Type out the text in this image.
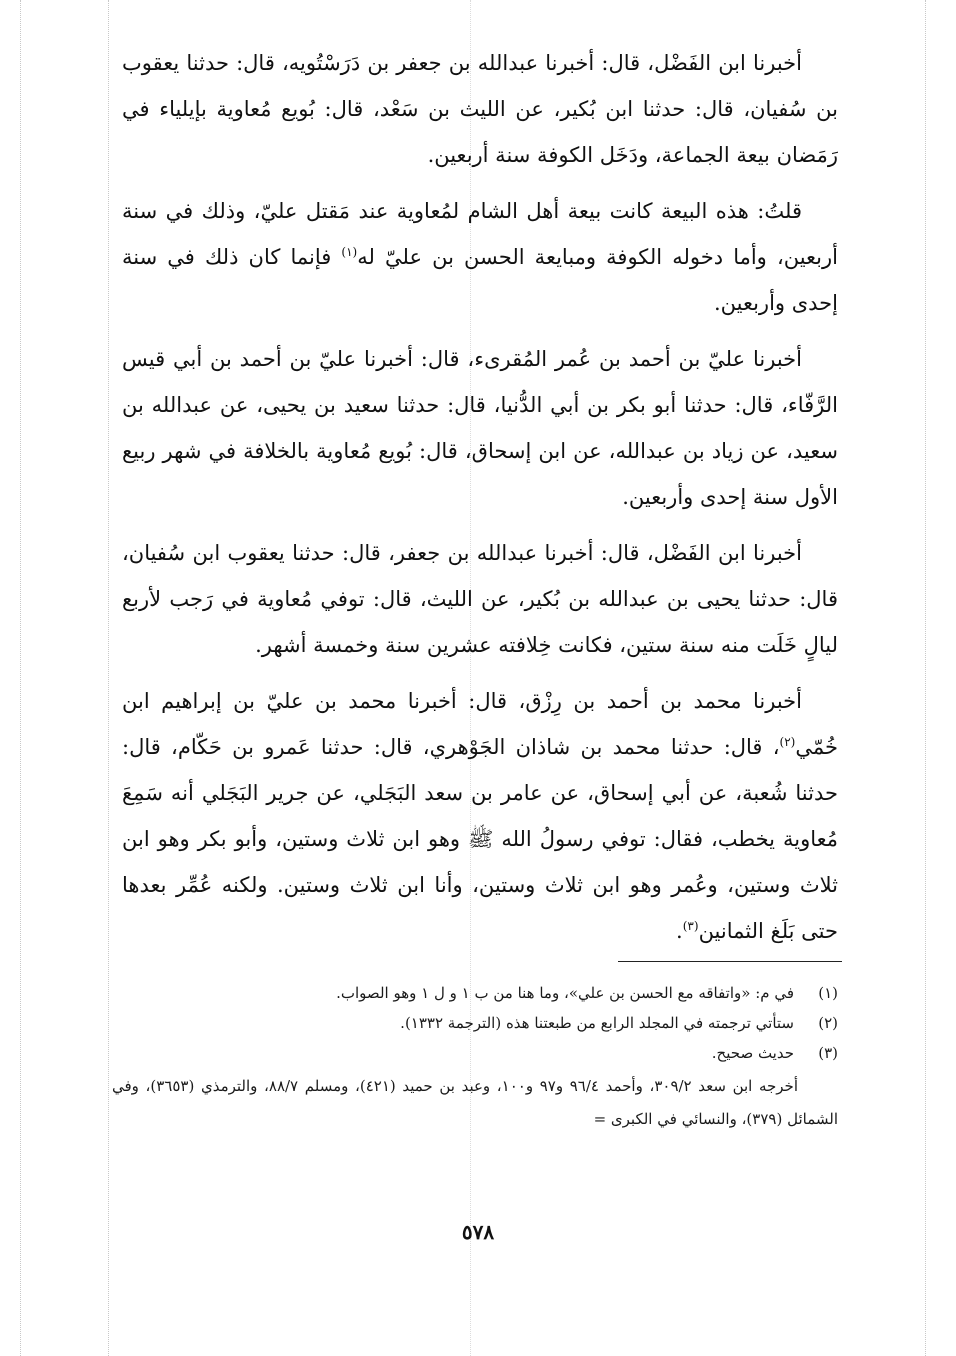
أخبرنا ابن الفَضْل، قال: أخبرنا عبدالله بن جعفر بن دَرَسْتُويه، قال: حدثنا يعقوب بن سُفيان، قال: حدثنا ابن بُكير، عن الليث بن سَعْد، قال: بُويع مُعاوية بإيلياء في رَمَضان بيعة الجماعة، ودَخَل الكوفة سنة أربعين.

قلتُ: هذه البيعة كانت بيعة أهل الشام لمُعاوية عند مَقتل عليّ، وذلك في سنة أربعين، وأما دخوله الكوفة ومبايعة الحسن بن عليّ له$^{(١)}$ فإنما كان ذلك في سنة إحدى وأربعين.

أخبرنا عليّ بن أحمد بن عُمر المُقرىء، قال: أخبرنا عليّ بن أحمد بن أبي قيس الرَّفّاء، قال: حدثنا أبو بكر بن أبي الدُّنيا، قال: حدثنا سعيد بن يحيى، عن عبدالله بن سعيد، عن زياد بن عبدالله، عن ابن إسحاق، قال: بُويع مُعاوية بالخلافة في شهر ربيع الأول سنة إحدى وأربعين.

أخبرنا ابن الفَضْل، قال: أخبرنا عبدالله بن جعفر، قال: حدثنا يعقوب ابن سُفيان، قال: حدثنا يحيى بن عبدالله بن بُكير، عن الليث، قال: توفي مُعاوية في رَجب لأربع ليالٍ خَلَت منه سنة ستين، فكانت خِلافته عشرين سنة وخمسة أشهر.

أخبرنا محمد بن أحمد بن رِزْق، قال: أخبرنا محمد بن عليّ بن إبراهيم ابن خُمّي$^{(٢)}$، قال: حدثنا محمد بن شاذان الجَوْهري، قال: حدثنا عَمرو بن حَكّام، قال: حدثنا شُعبة، عن أبي إسحاق، عن عامر بن سعد البَجَلي، عن جرير البَجَلي أنه سَمِعَ مُعاوية يخطب، فقال: توفي رسولُ الله ﷺ وهو ابن ثلاث وستين، وأبو بكر وهو ابن ثلاث وستين، وعُمر وهو ابن ثلاث وستين، وأنا ابن ثلاث وستين. ولكنه عُمِّر بعدها حتى بَلَغ الثمانين$^{(٣)}$.

(١)
في م: «واتفاقه مع الحسن بن علي»، وما هنا من ب ١ و ل ١ وهو الصواب.
(٢)
ستأتي ترجمته في المجلد الرابع من طبعتنا هذه (الترجمة ١٣٣٢).
(٣)
حديث صحيح.
أخرجه ابن سعد ٣٠٩/٢، وأحمد ٩٦/٤ و٩٧ و١٠٠، وعبد بن حميد (٤٢١)، ومسلم ٨٨/٧، والترمذي (٣٦٥٣)، وفي الشمائل (٣٧٩)، والنسائي في الكبرى =
٥٧٨
